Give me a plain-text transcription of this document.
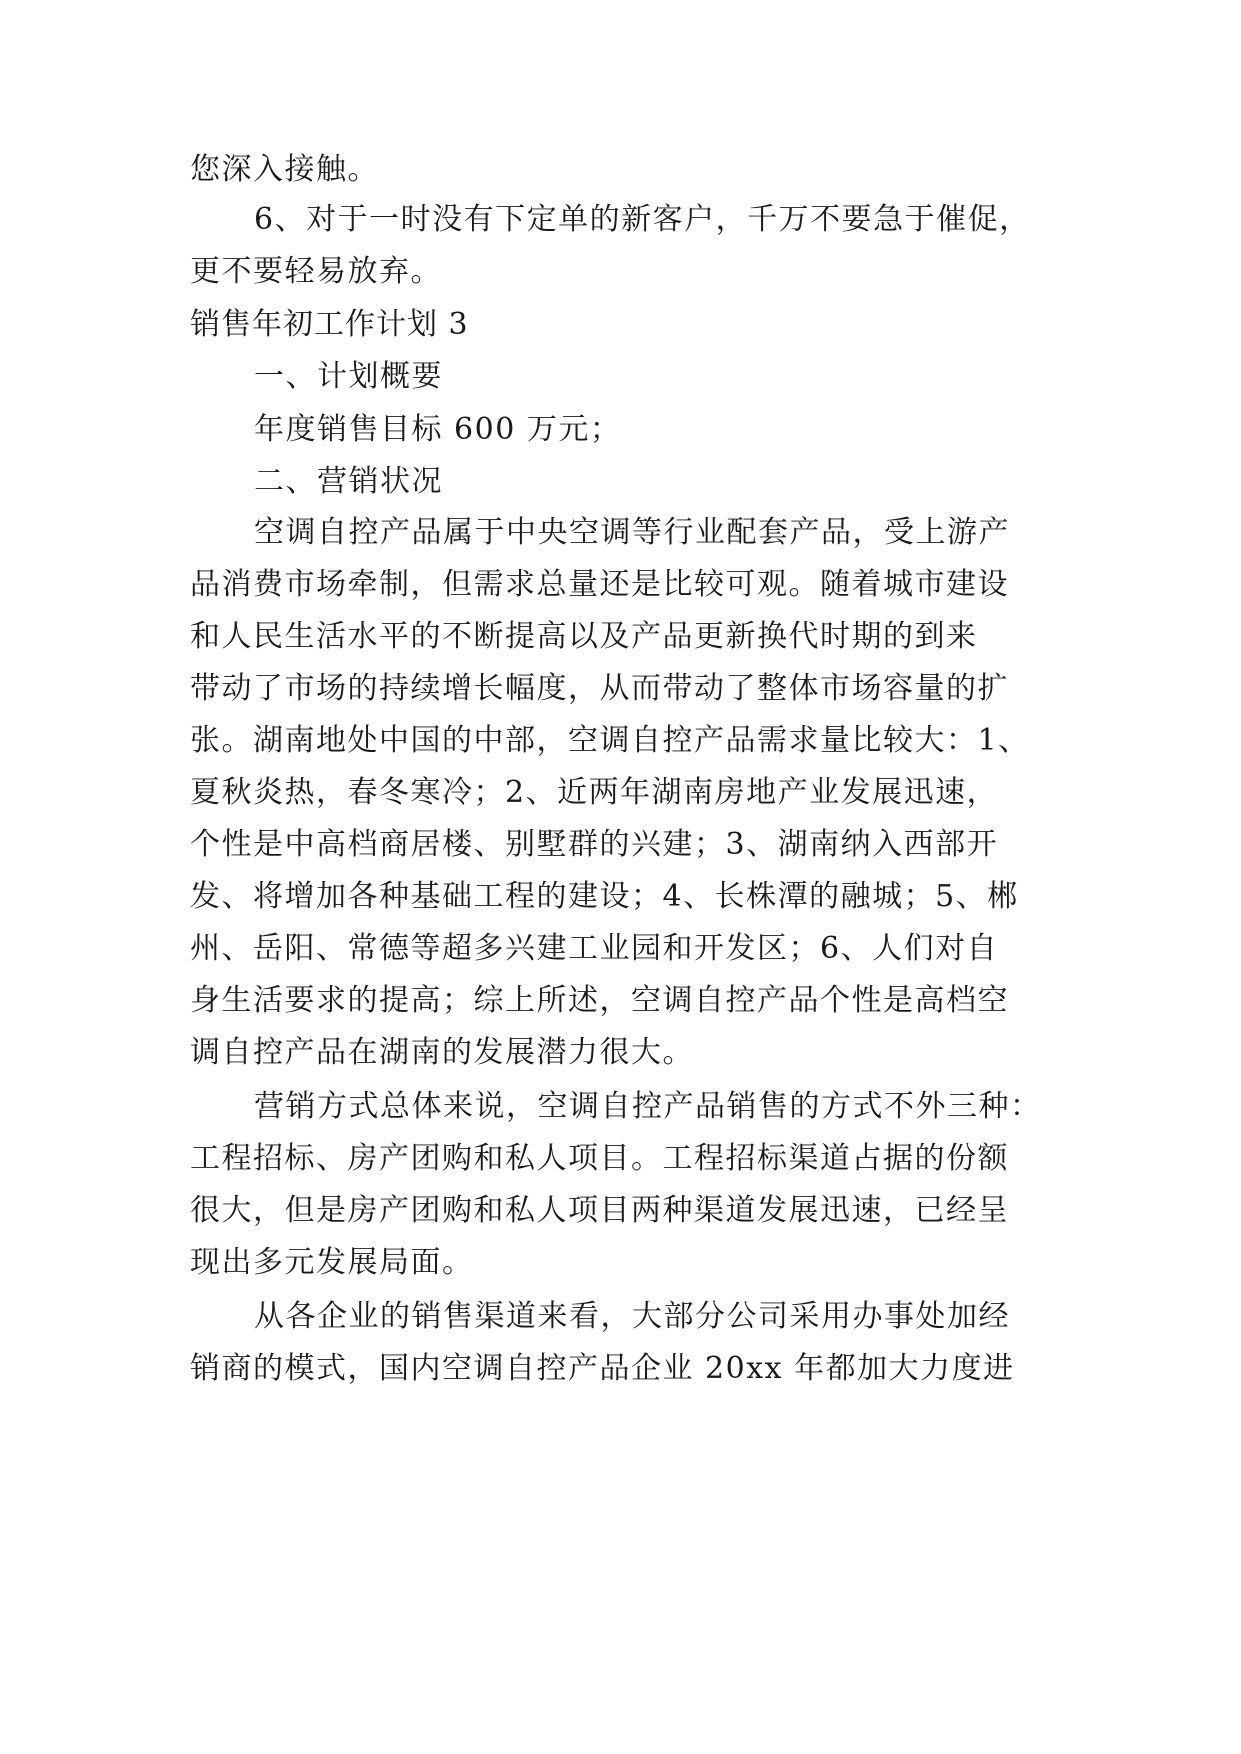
您深入接触。
6、对于一时没有下定单的新客户，千万不要急于催促，
更不要轻易放弃。
销售年初工作计划 3
一、计划概要
年度销售目标 600 万元；
二、营销状况
空调自控产品属于中央空调等行业配套产品，受上游产
品消费市场牵制，但需求总量还是比较可观。随着城市建设
和人民生活水平的不断提高以及产品更新换代时期的到来
带动了市场的持续增长幅度，从而带动了整体市场容量的扩
张。湖南地处中国的中部，空调自控产品需求量比较大：1、
夏秋炎热，春冬寒冷；2、近两年湖南房地产业发展迅速，
个性是中高档商居楼、别墅群的兴建；3、湖南纳入西部开
发、将增加各种基础工程的建设；4、长株潭的融城；5、郴
州、岳阳、常德等超多兴建工业园和开发区；6、人们对自
身生活要求的提高；综上所述，空调自控产品个性是高档空
调自控产品在湖南的发展潜力很大。
营销方式总体来说，空调自控产品销售的方式不外三种：
工程招标、房产团购和私人项目。工程招标渠道占据的份额
很大，但是房产团购和私人项目两种渠道发展迅速，已经呈
现出多元发展局面。
从各企业的销售渠道来看，大部分公司采用办事处加经
销商的模式，国内空调自控产品企业 20xx 年都加大力度进
